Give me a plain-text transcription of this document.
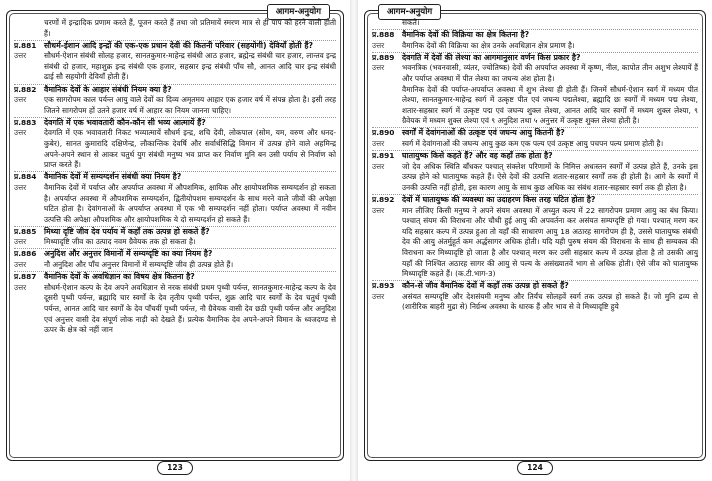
आगम-अनुयोग
चरणों में इन्द्रादिक प्रणाम करते हैं, पूजन करते हैं तथा जो प्रतिमायें स्मरण मात्र से ही पाप को हरने वाली होती हैं।
प्र.881 सौधर्म-ईशान आदि इन्द्रों की एक-एक प्रधान देवी की कितनी परिवार (सहयोगी) देवियाँ होती हैं?
उत्तर	सौधर्म-ऐशान संबंधी सोलह हजार, सानतकुमार-माहेन्द्र संबंधी आठ हजार, ब्रह्मेन्द्र संबंधी चार हजार, लान्तव इन्द्र संबंधी दो हजार, महाशुक्र इन्द्र संबंधी एक हजार, सहस्रार इन्द्र संबंधी पाँच सौ, आनत आदि चार इन्द्र संबंधी ढाई सौ सहयोगी देवियाँ होती हैं।
प्र.882 वैमानिक देवों के आहार संबंधी नियम क्या है?
उत्तर	एक सागरोपम काल पर्यन्त आयु वाले देवों का दिव्य अमृतमय आहार एक हजार वर्ष में संपन्न होता है। इसी तरह जितने सागरोपम हों उतने हजार वर्ष में आहार का नियम जानना चाहिए।
प्र.883 देवगति में एक भवावतारी कौन-कौन सी भव्य आत्मायें हैं?
उत्तर	देवगति में एक भवावतारी निकट भव्यात्मायें सौधर्म इन्द्र, शचि देवी, लोकपाल (सोम, यम, वरुण और धनद-कुबेर), सानत कुमारादि दक्षिणेन्द्र, लौकान्तिक देवर्षि और सर्वार्थसिद्धि विमान में उत्पन्न होने वाले अहमिन्द्र अपने-अपने स्थान से आकर चतुर्थ युग संबंधी मनुष्य भव प्राप्त कर निर्वाण मुनि बन उसी पर्याय से निर्वाण को प्राप्त करते हैं।
प्र.884 वैमानिक देवों में सम्यग्दर्शन संबंधी क्या नियम है?
उत्तर	वैमानिक देवों में पर्याप्त और अपर्याप्त अवस्था में औपशमिक, क्षायिक और क्षायोपशमिक सम्यग्दर्शन हो सकता है। अपर्याप्त अवस्था में औपशमिक सम्यग्दर्शन, द्वितीयोपशम सम्यग्दर्शन के साथ मरने वाले जीवों की अपेक्षा घटित होता है। देवांगनाओं के अपर्याप्त अवस्था में एक भी सम्यग्दर्शन नहीं होता। पर्याप्त अवस्था में नवीन उत्पत्ति की अपेक्षा औपशमिक और क्षायोपशमिक ये दो सम्यग्दर्शन हो सकते हैं।
प्र.885 मिथ्या दृष्टि जीव देव पर्याय में कहाँ तक उत्पन्न हो सकते हैं?
उत्तर	मिथ्यादृष्टि जीव का उत्पाद नवम ग्रैवेयक तक हो सकता है।
प्र.886 अनुदिश और अनुत्तर विमानों में सम्यग्दृष्टि का क्या नियम है?
उत्तर	नौ अनुदिश और पाँच अनुत्तर विमानों में सम्यग्दृष्टि जीव ही उत्पन्न होते हैं।
प्र.887 वैमानिक देवों के अवधिज्ञान का विषय क्षेत्र कितना है?
उत्तर	सौधर्म-ऐशान कल्प के देव अपने अवधिज्ञान से नरक संबंधी प्रथम पृथ्वी पर्यन्त, सानतकुमार-माहेन्द्र कल्प के देव दूसरी पृथ्वी पर्यन्त, ब्रह्मादि चार स्वर्गों के देव तृतीय पृथ्वी पर्यन्त, शुक्र आदि चार स्वर्गों के देव चतुर्थ पृथ्वी पर्यन्त, आनत आदि चार स्वर्गों के देव पाँचवीं पृथ्वी पर्यन्त, नौ ग्रैवेयक वासी देव छठी पृथ्वी पर्यन्त और अनुदिश एवं अनुत्तर वासी देव संपूर्ण लोक नाड़ी को देखते हैं। प्रत्येक वैमानिक देव अपने-अपने विमान के ध्वजदण्ड से ऊपर के क्षेत्र को नहीं जान
123
आगम-अनुयोग
सकते।
प्र.888 वैमानिक देवों की विक्रिया का क्षेत्र कितना है?
उत्तर	वैमानिक देवों की विक्रिया का क्षेत्र उनके अवधिज्ञान क्षेत्र प्रमाण है।
प्र.889 देवगति में देवों की लेश्या का आगमानुसार वर्णन किस प्रकार है?
उत्तर	भवनत्रिक (भवनवासी, व्यंतर, ज्योतिष्क) देवों की अपर्याप्त अवस्था में कृष्ण, नील, कापोत तीन अशुभ लेश्यायें हैं और पर्याप्त अवस्था में पीत लेश्या का जघन्य अंश होता है।
वैमानिक देवों की पर्याप्त-अपर्याप्त अवस्था में शुभ लेश्या ही होती हैं। जिनमें सौधर्म-ऐशान स्वर्ग में मध्यम पीत लेश्या, सानतकुमार-माहेन्द्र स्वर्ग में उत्कृष्ट पीत एवं जघन्य पद्मलेश्या, ब्रह्मादि छः स्वर्गों में मध्यम पद्म लेश्या, शतार-सहस्रार स्वर्ग में उत्कृष्ट पद्म एवं जघन्य शुक्ल लेश्या, आनत आदि चार स्वर्गों में मध्यम शुक्ल लेश्या, ९ ग्रैवेयक में मध्यम शुक्ल लेश्या एवं ९ अनुदिश तथा ५ अनुत्तर में उत्कृष्ट शुक्ल लेश्या होती है।
प्र.890 स्वर्गों में देवांगनाओं की उत्कृष्ट एवं जघन्य आयु कितनी है?
उत्तर	स्वर्ग में देवांगनाओं की जघन्य आयु कुछ कम एक पल्य एवं उत्कृष्ट आयु पचपन पल्य प्रमाण होती है।
प्र.891 घातायुष्क किसे कहते हैं? और वह कहाँ तक होता है?
उत्तर	जो देव अधिक स्थिति बाँधकर पश्चात् संक्लेश परिणामों के निमित्त अधःस्तन स्वर्गों में उत्पन्न होते हैं, उनके इस उत्पन्न होने को घातायुष्क कहते हैं। ऐसे देवों की उत्पत्ति शतार-सहस्रार स्वर्गों तक ही होती है। आगे के स्वर्गों में उनकी उत्पत्ति नहीं होती, इस कारण आयु के साथ कुछ अधिक का संबंध शतार-सहस्रार स्वर्ग तक ही होता है।
प्र.892 देवों में घातायुष्क की व्यवस्था का उदाहरण किस तरह घटित होता है?
उत्तर	मान लीजिए किसी मनुष्य ने अपने संयम अवस्था में अच्युत कल्प में 22 सागरोपम प्रमाण आयु का बंध किया। पश्चात् संयम की विराधना और चौथी हुई आयु की अपवर्तना कर असंयत सम्यग्दृष्टि हो गया। पश्चात् मरण कर यदि सहस्रार कल्प में उत्पन्न हुआ तो यहाँ की साधारण आयु 18 अठारह सागरोपम ही है, उससे घातायुष्क संबंधी देव की आयु अंतर्मुहूर्त कम अर्द्धसागर अधिक होती। यदि यही पुरुष संयम की विराधना के साथ ही सम्यक्त्व की विराधना कर मिथ्यादृष्टि हो जाता है और पश्चात् मरण कर उसी सहस्रार कल्प में उत्पन्न होता है तो उसकी आयु यहाँ की निश्चित अठारह सागर की आयु से पल्य के असंख्यातवें भाग से अधिक होती। ऐसे जीव को घातायुष्क मिथ्यादृष्टि कहते हैं। (क.टी.भाग-3)
प्र.893 कौन-से जीव वैमानिक देवों में कहाँ तक उत्पन्न हो सकते हैं?
उत्तर	असंयत सम्यग्दृष्टि और देशसंयमी मनुष्य और तिर्यंच सोलहवें स्वर्ग तक उत्पन्न हो सकते हैं। जो मुनि द्रव्य से (शारीरिक बाहरी मुद्रा से) निर्ग्रन्थ अवस्था के धारक हैं और भाव से वे मिथ्यादृष्टि हुये
124
